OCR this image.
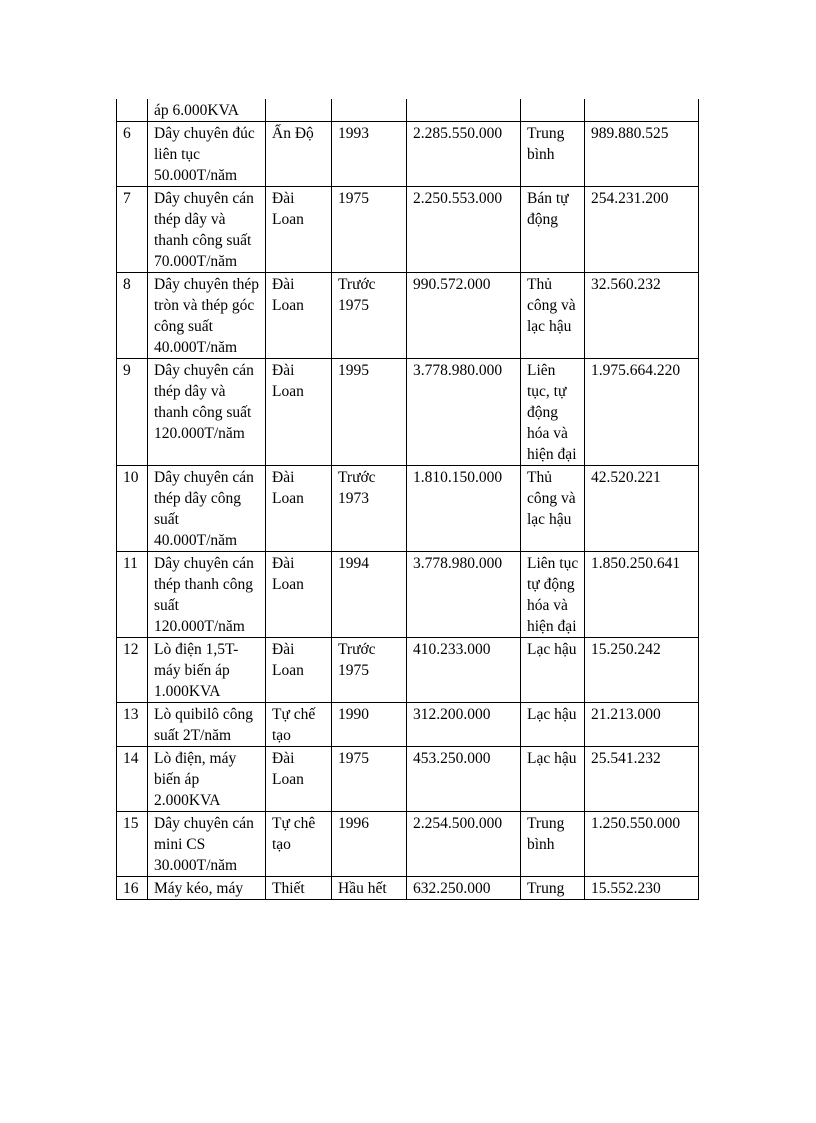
	áp 6.000KVA					
6	Dây chuyên đúc liên tục 50.000T/năm	Ấn Độ	1993	2.285.550.000	Trung bình	989.880.525
7	Dây chuyên cán thép dây và thanh công suất 70.000T/năm	Đài Loan	1975	2.250.553.000	Bán tự động	254.231.200
8	Dây chuyên thép tròn và thép góc công suất 40.000T/năm	Đài Loan	Trước 1975	990.572.000	Thủ công và lạc hậu	32.560.232
9	Dây chuyên cán thép dây và thanh công suất 120.000T/năm	Đài Loan	1995	3.778.980.000	Liên tục, tự động hóa và hiện đại	1.975.664.220
10	Dây chuyên cán thép dây công suất 40.000T/năm	Đài Loan	Trước 1973	1.810.150.000	Thủ công và lạc hậu	42.520.221
11	Dây chuyên cán thép thanh công suất 120.000T/năm	Đài Loan	1994	3.778.980.000	Liên tục tự động hóa và hiện đại	1.850.250.641
12	Lò điện 1,5T-máy biến áp 1.000KVA	Đài Loan	Trước 1975	410.233.000	Lạc hậu	15.250.242
13	Lò quibilô công suất 2T/năm	Tự chế tạo	1990	312.200.000	Lạc hậu	21.213.000
14	Lò điện, máy biến áp 2.000KVA	Đài Loan	1975	453.250.000	Lạc hậu	25.541.232
15	Dây chuyên cán mini CS 30.000T/năm	Tự chê tạo	1996	2.254.500.000	Trung bình	1.250.550.000
16	Máy kéo, máy	Thiết	Hầu hết	632.250.000	Trung	15.552.230
